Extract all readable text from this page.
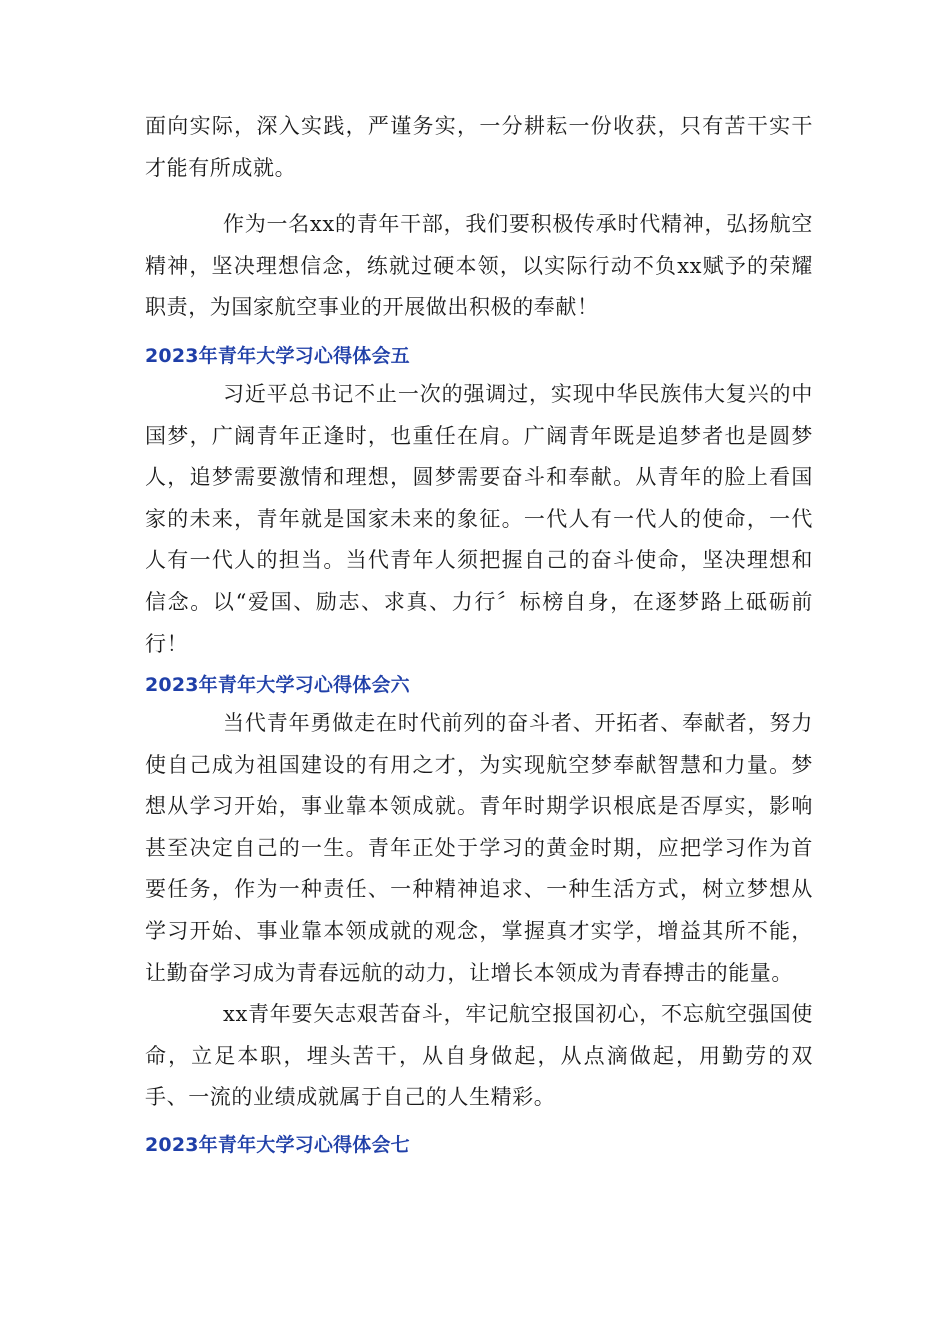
面向实际，深入实践，严谨务实，一分耕耘一份收获，只有苦干实干才能有所成就。

作为一名xx的青年干部，我们要积极传承时代精神，弘扬航空精神，坚决理想信念，练就过硬本领，以实际行动不负xx赋予的荣耀职责，为国家航空事业的开展做出积极的奉献！

2023年青年大学习心得体会五

习近平总书记不止一次的强调过，实现中华民族伟大复兴的中国梦，广阔青年正逢时，也重任在肩。广阔青年既是追梦者也是圆梦人，追梦需要激情和理想，圆梦需要奋斗和奉献。从青年的脸上看国家的未来，青年就是国家未来的象征。一代人有一代人的使命，一代人有一代人的担当。当代青年人须把握自己的奋斗使命，坚决理想和信念。以“爱国、励志、求真、力行〞标榜自身，在逐梦路上砥砺前行！

2023年青年大学习心得体会六

当代青年勇做走在时代前列的奋斗者、开拓者、奉献者，努力使自己成为祖国建设的有用之才，为实现航空梦奉献智慧和力量。梦想从学习开始，事业靠本领成就。青年时期学识根底是否厚实，影响甚至决定自己的一生。青年正处于学习的黄金时期，应把学习作为首要任务，作为一种责任、一种精神追求、一种生活方式，树立梦想从学习开始、事业靠本领成就的观念，掌握真才实学，增益其所不能，让勤奋学习成为青春远航的动力，让增长本领成为青春搏击的能量。

xx青年要矢志艰苦奋斗，牢记航空报国初心，不忘航空强国使命，立足本职，埋头苦干，从自身做起，从点滴做起，用勤劳的双手、一流的业绩成就属于自己的人生精彩。

2023年青年大学习心得体会七
